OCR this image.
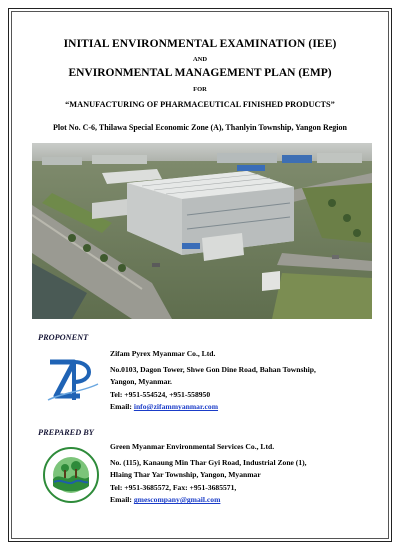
INITIAL ENVIRONMENTAL EXAMINATION (IEE)
AND
ENVIRONMENTAL MANAGEMENT PLAN (EMP)
FOR
“MANUFACTURING OF PHARMACEUTICAL FINISHED PRODUCTS”
Plot No. C-6, Thilawa Special Economic Zone (A), Thanlyin Township, Yangon Region
PROPONENT
Zifam Pyrex Myanmar Co., Ltd.
No.0103, Dagon Tower, Shwe Gon Dine Road, Bahan Township,
Yangon, Myanmar.
Tel: +951-554524, +951-558950
Email: info@zifammyanmar.com
PREPARED BY
Green Myanmar Environmental Services Co., Ltd.
No. (115), Kanaung Min Thar Gyi Road, Industrial Zone (1),
Hlaing Thar Yar Township, Yangon, Myanmar
Tel: +951-3685572, Fax: +951-3685571,
Email: gmescompany@gmail.com
